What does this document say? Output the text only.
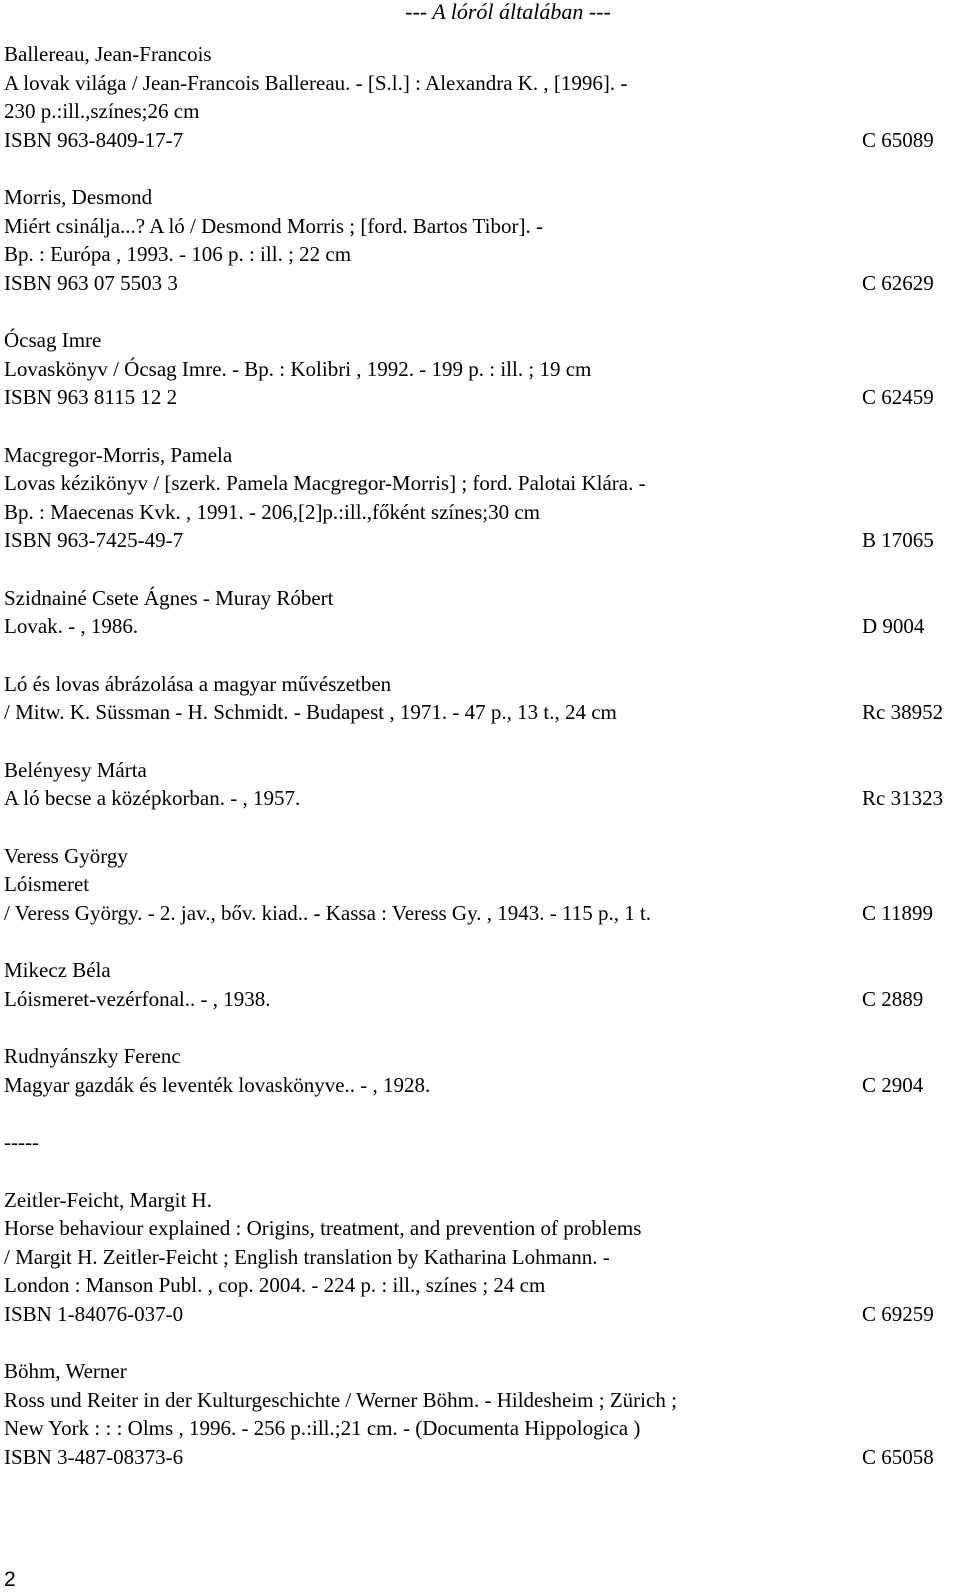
--- A lóról általában ---
Ballereau, Jean-Francois
A lovak világa / Jean-Francois Ballereau. - [S.l.] : Alexandra K. , [1996]. -
230 p.:ill.,színes;26 cm
ISBN 963-8409-17-7	C 65089
Morris, Desmond
Miért csinálja...? A ló / Desmond Morris ; [ford. Bartos Tibor]. -
Bp. : Európa , 1993. - 106 p. : ill. ; 22 cm
ISBN 963 07 5503 3	C 62629
Ócsag Imre
Lovaskönyv / Ócsag Imre. - Bp. : Kolibri , 1992. - 199 p. : ill. ; 19 cm
ISBN 963 8115 12 2	C 62459
Macgregor-Morris, Pamela
Lovas kézikönyv / [szerk. Pamela Macgregor-Morris] ; ford. Palotai Klára. -
Bp. : Maecenas Kvk. , 1991. - 206,[2]p.:ill.,főként színes;30 cm
ISBN 963-7425-49-7	B 17065
Szidnainé Csete Ágnes - Muray Róbert
Lovak. - , 1986.	D 9004
Ló és lovas ábrázolása a magyar művészetben
/ Mitw. K. Süssman - H. Schmidt. - Budapest , 1971. - 47 p., 13 t., 24 cm	Rc 38952
Belényesy Márta
A ló becse a középkorban. - , 1957.	Rc 31323
Veress György
Lóismeret
/ Veress György. - 2. jav., bőv. kiad.. - Kassa : Veress Gy. , 1943. - 115 p., 1 t.	C 11899
Mikecz Béla
Lóismeret-vezérfonal.. - , 1938.	C 2889
Rudnyánszky Ferenc
Magyar gazdák és leventék lovaskönyve.. - , 1928.	C 2904
-----
Zeitler-Feicht, Margit H.
Horse behaviour explained : Origins, treatment, and prevention of problems
/ Margit H. Zeitler-Feicht ; English translation by Katharina Lohmann. -
London : Manson Publ. , cop. 2004. - 224 p. : ill., színes ; 24 cm
ISBN 1-84076-037-0	C 69259
Böhm, Werner
Ross und Reiter in der Kulturgeschichte / Werner Böhm. - Hildesheim ; Zürich ;
New York : : : Olms , 1996. - 256 p.:ill.;21 cm. - (Documenta Hippologica )
ISBN 3-487-08373-6	C 65058
2
